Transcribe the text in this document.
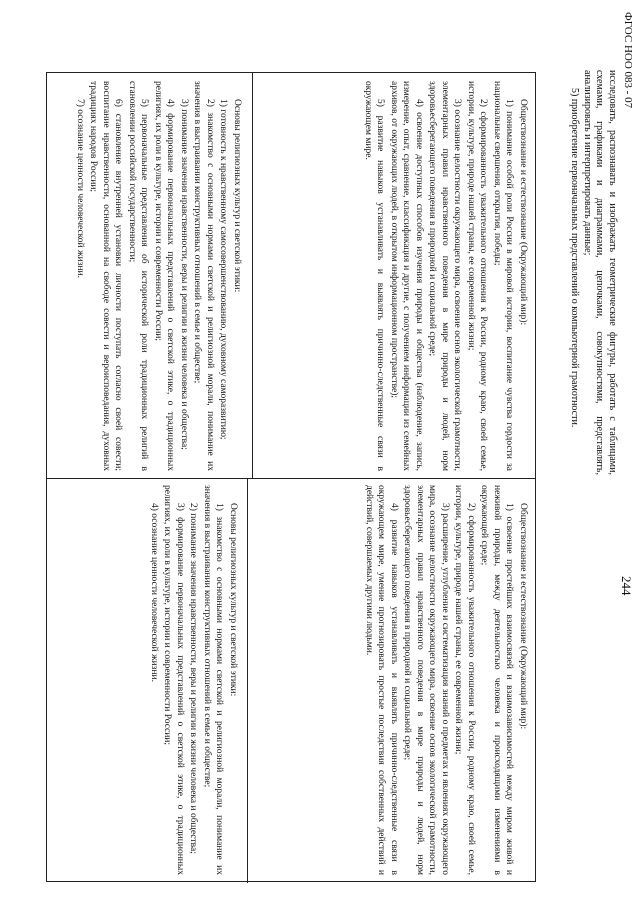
ФГОС НОО 083 - 07
244

исследовать, распознавать и изображать геометрические фигуры, работать с таблицами, схемами, графиками и диаграммами, цепочками, совокупностями, представлять, анализировать и интерпретировать данные;

5) приобретение первоначальных представлений о компьютерной грамотности.

Обществознание и естествознание (Окружающий мир):

1) понимание особой роли России в мировой истории, воспитание чувства гордости за национальные свершения, открытия, победы;

2) сформированность уважительного отношения к России, родному краю, своей семье, истории, культуре, природе нашей страны, ее современной жизни;

3) осознание целостности окружающего мира, освоение основ экологической грамотности, элементарных правил нравственного поведения в мире природы и людей, норм здоровьесберегающего поведения в природной и социальной среде;

4) освоение доступных способов изучения природы и общества (наблюдение, запись, измерение, опыт, сравнение, классификация и другие, с получением информации из семейных архивов, от окружающих людей, в открытом информационном пространстве);

5) развитие навыков устанавливать и выявлять причинно-следственные связи в окружающем мире.

Основы религиозных культур и светской этики:

1) готовность к нравственному самосовершенствованию, духовному саморазвитию;

2) знакомство с основными нормами светской и религиозной морали, понимание их значения в выстраивании конструктивных отношений в семье и обществе;

3) понимание значения нравственности, веры и религии в жизни человека и общества;

4) формирование первоначальных представлений о светской этике, о традиционных религиях, их роли в культуре, истории и современности России;

5) первоначальные представления об исторической роли традиционных религий в становлении российской государственности;

6) становление внутренней установки личности поступать согласно своей совести; воспитание нравственности, основанной на свободе совести и вероисповедания, духовных традициях народов России;

7) осознание ценности человеческой жизни.

Обществознание и естествознание (Окружающий мир):

1) освоение простейших взаимосвязей и взаимозависимостей между миром живой и неживой природы, между деятельностью человека и происходящими изменениями в окружающей среде;

2) сформированность уважительного отношения к России, родному краю, своей семье, истории, культуре, природе нашей страны, ее современной жизни;

3) расширение, углубление и систематизация знаний о предметах и явлениях окружающего мира, осознание целостности окружающего мира, освоение основ экологической грамотности, элементарных правил нравственного поведения в мире природы и людей, норм здоровьесберегающего поведения в природной и социальной среде;

4) развитие навыков устанавливать и выявлять причинно-следственные связи в окружающем мире, умение прогнозировать простые последствия собственных действий и действий, совершаемых другими людьми.

Основы религиозных культур и светской этики:

1) знакомство с основными нормами светской и религиозной морали, понимание их значения в выстраивании конструктивных отношений в семье и обществе;

2) понимание значения нравственности, веры и религии в жизни человека и общества;

3) формирование первоначальных представлений о светской этике, о традиционных религиях, их роли в культуре, истории и современности России;

4) осознание ценности человеческой жизни.
